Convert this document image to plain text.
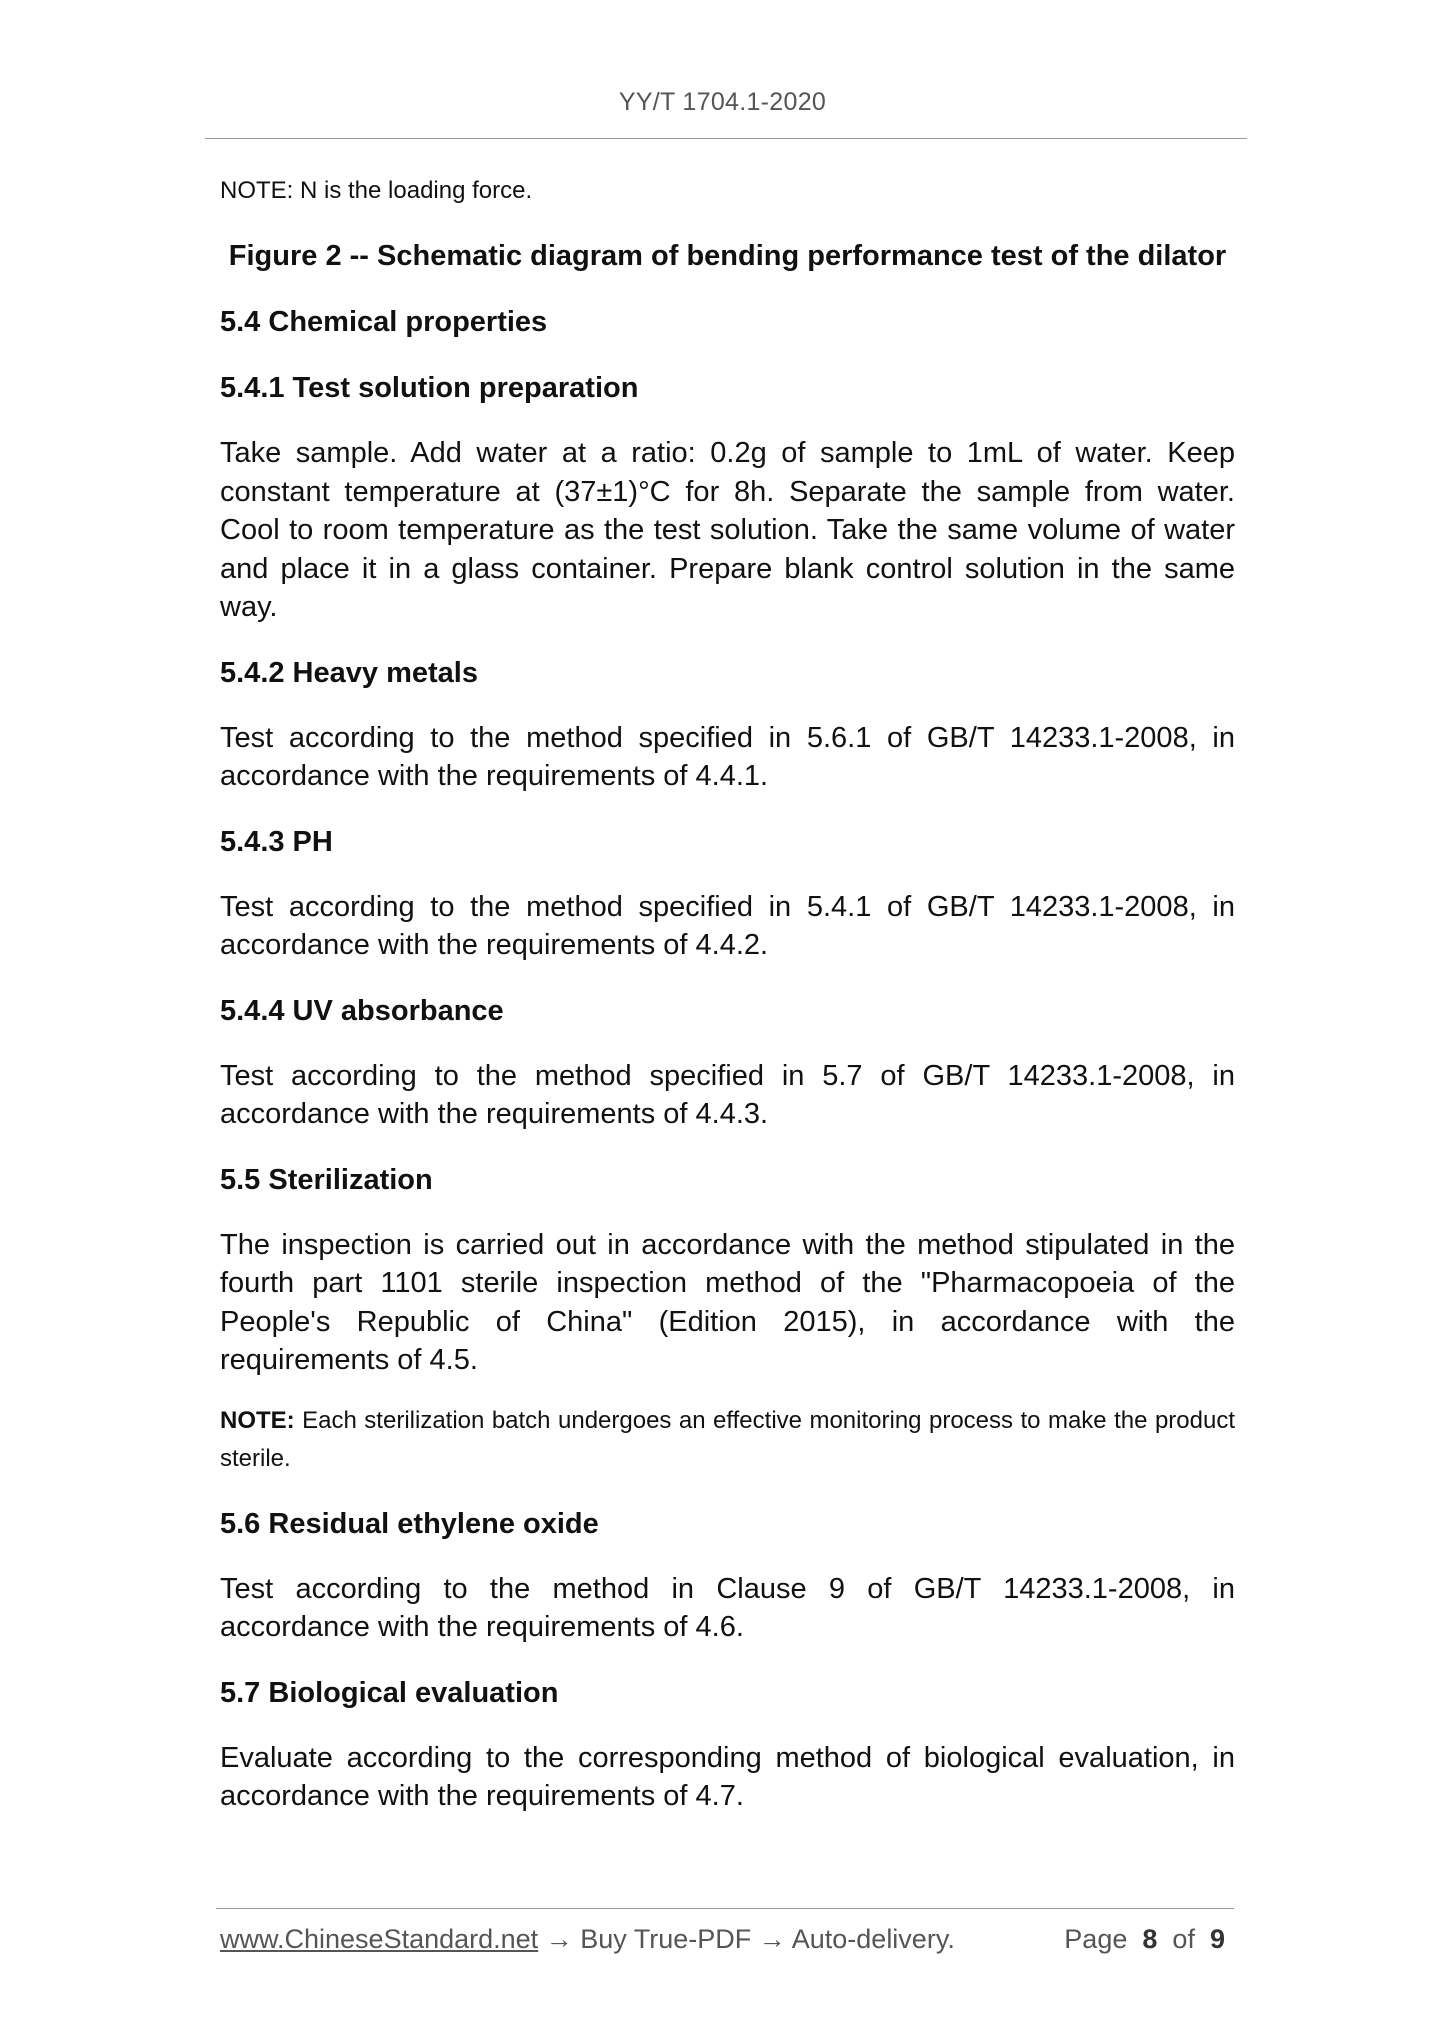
YY/T 1704.1-2020
NOTE: N is the loading force.
Figure 2 -- Schematic diagram of bending performance test of the dilator
5.4 Chemical properties
5.4.1 Test solution preparation

Take sample. Add water at a ratio: 0.2g of sample to 1mL of water. Keep constant temperature at (37±1)°C for 8h. Separate the sample from water. Cool to room temperature as the test solution. Take the same volume of water and place it in a glass container. Prepare blank control solution in the same way.

5.4.2 Heavy metals

Test according to the method specified in 5.6.1 of GB/T 14233.1-2008, in accordance with the requirements of 4.4.1.

5.4.3 PH

Test according to the method specified in 5.4.1 of GB/T 14233.1-2008, in accordance with the requirements of 4.4.2.

5.4.4 UV absorbance

Test according to the method specified in 5.7 of GB/T 14233.1-2008, in accordance with the requirements of 4.4.3.

5.5 Sterilization

The inspection is carried out in accordance with the method stipulated in the fourth part 1101 sterile inspection method of the "Pharmacopoeia of the People's Republic of China" (Edition 2015), in accordance with the requirements of 4.5.

NOTE: Each sterilization batch undergoes an effective monitoring process to make the product sterile.
5.6 Residual ethylene oxide

Test according to the method in Clause 9 of GB/T 14233.1-2008, in accordance with the requirements of 4.6.

5.7 Biological evaluation

Evaluate according to the corresponding method of biological evaluation, in accordance with the requirements of 4.7.

www.ChineseStandard.net → Buy True-PDF → Auto-delivery.	Page 8 of 9
